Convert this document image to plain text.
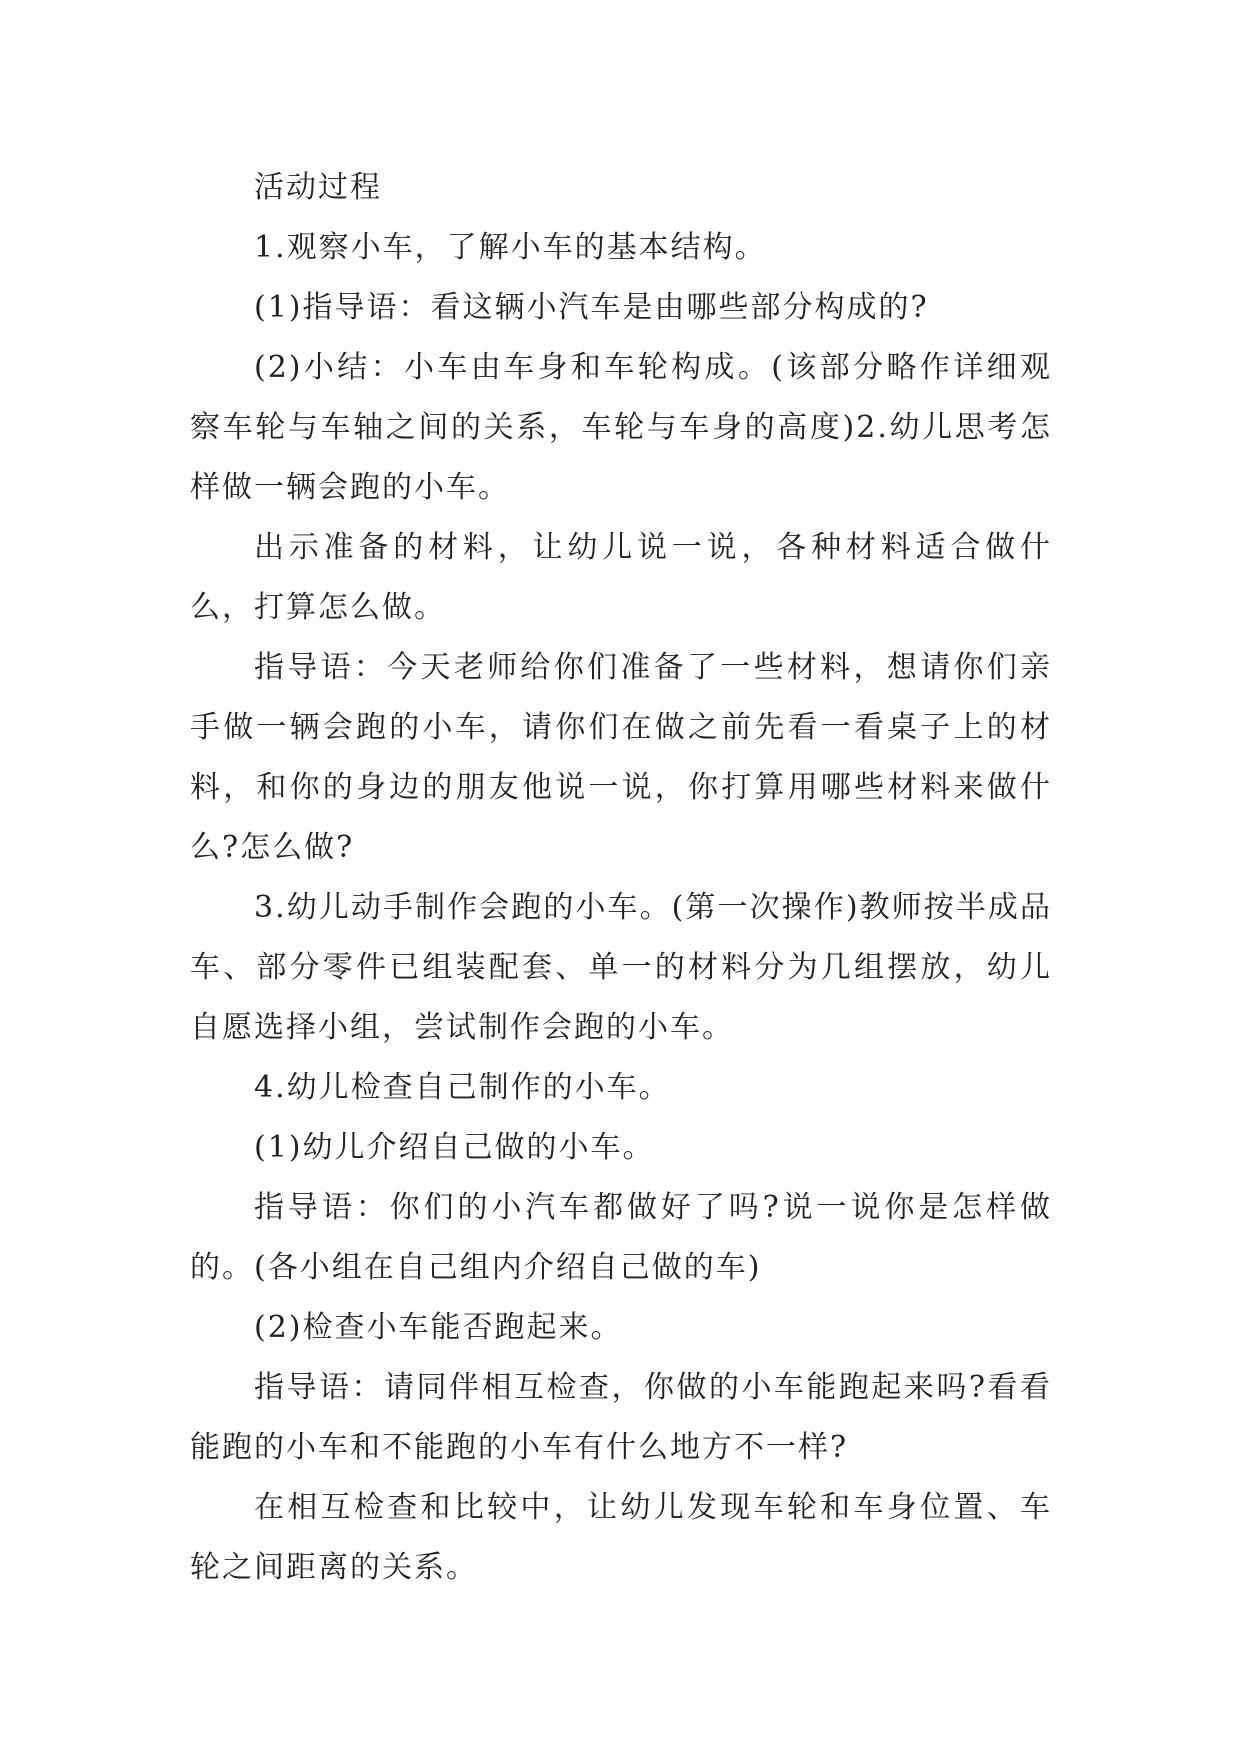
活动过程

1.观察小车，了解小车的基本结构。

(1)指导语：看这辆小汽车是由哪些部分构成的?

(2)小结：小车由车身和车轮构成。(该部分略作详细观察车轮与车轴之间的关系，车轮与车身的高度)2.幼儿思考怎样做一辆会跑的小车。

出示准备的材料，让幼儿说一说，各种材料适合做什么，打算怎么做。

指导语：今天老师给你们准备了一些材料，想请你们亲手做一辆会跑的小车，请你们在做之前先看一看桌子上的材料，和你的身边的朋友他说一说，你打算用哪些材料来做什么?怎么做?

3.幼儿动手制作会跑的小车。(第一次操作)教师按半成品车、部分零件已组装配套、单一的材料分为几组摆放，幼儿自愿选择小组，尝试制作会跑的小车。

4.幼儿检查自己制作的小车。

(1)幼儿介绍自己做的小车。

指导语：你们的小汽车都做好了吗?说一说你是怎样做的。(各小组在自己组内介绍自己做的车)

(2)检查小车能否跑起来。

指导语：请同伴相互检查，你做的小车能跑起来吗?看看能跑的小车和不能跑的小车有什么地方不一样?

在相互检查和比较中，让幼儿发现车轮和车身位置、车轮之间距离的关系。
